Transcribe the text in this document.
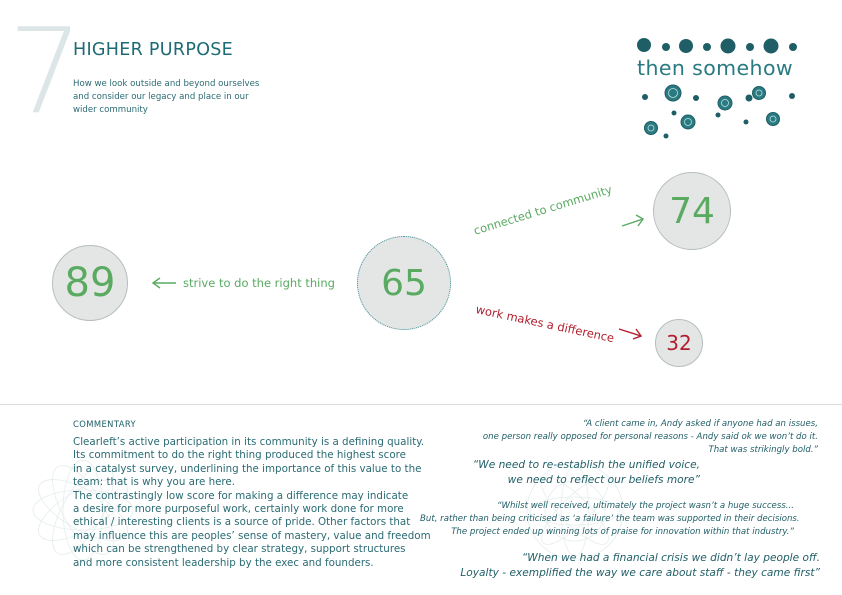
7
HIGHER PURPOSE
How we look outside and beyond ourselves and consider our legacy and place in our wider community
then somehow
89	65
74
32
strive to do the right thing
connected to community
work makes a difference
COMMENTARY
Clearleft’s active participation in its community is a defining quality.
Its commitment to do the right thing produced the highest score
in a catalyst survey, underlining the importance of this value to the
team: that is why you are here.
The contrastingly low score for making a difference may indicate
a desire for more purposeful work, certainly work done for more
ethical / interesting clients is a source of pride. Other factors that
may influence this are peoples’ sense of mastery, value and freedom
which can be strengthened by clear strategy, support structures
and more consistent leadership by the exec and founders.
“A client came in, Andy asked if anyone had an issues,
one person really opposed for personal reasons - Andy said ok we won’t do it.
That was strikingly bold.”
“We need to re-establish the unified voice,
we need to reflect our beliefs more”
“Whilst well received, ultimately the project wasn’t a huge success...
But, rather than being criticised as ‘a failure’ the team was supported in their decisions.
The project ended up winning lots of praise for innovation within that industry.”
“When we had a financial crisis we didn’t lay people off.
Loyalty - exemplified the way we care about staff - they came first”
